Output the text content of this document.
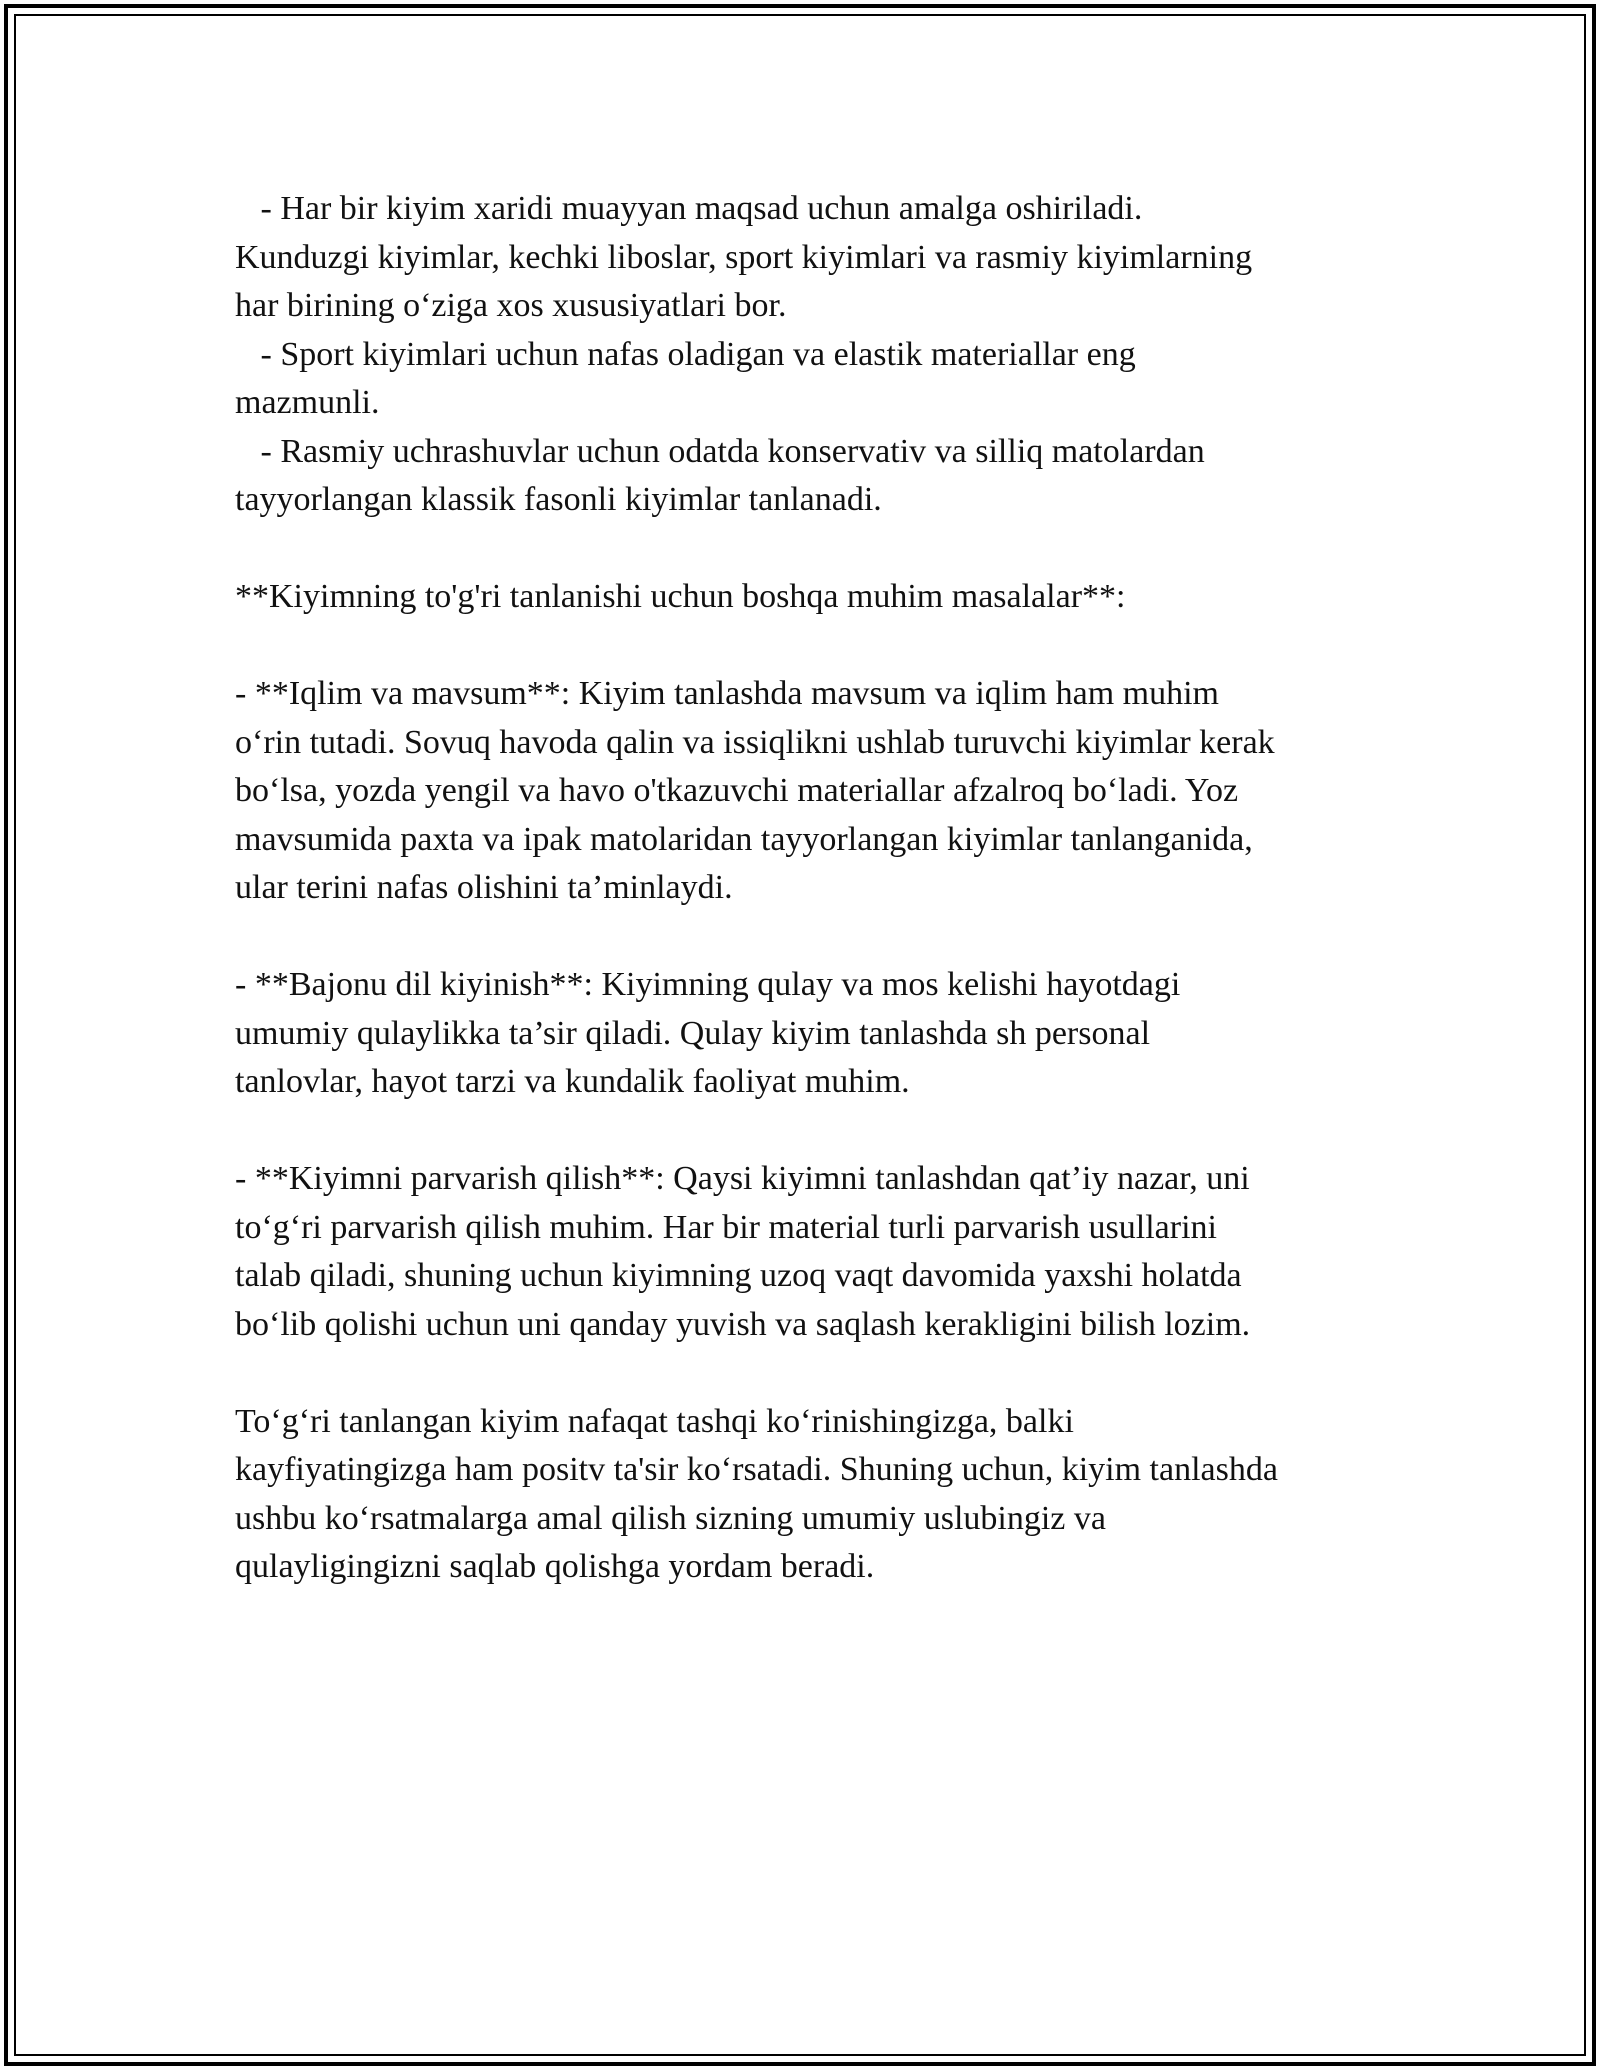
- Har bir kiyim xaridi muayyan maqsad uchun amalga oshiriladi.

Kunduzgi kiyimlar, kechki liboslar, sport kiyimlari va rasmiy kiyimlarning

har birining o‘ziga xos xususiyatlari bor.

- Sport kiyimlari uchun nafas oladigan va elastik materiallar eng

mazmunli.

- Rasmiy uchrashuvlar uchun odatda konservativ va silliq matolardan

tayyorlangan klassik fasonli kiyimlar tanlanadi.

**Kiyimning to'g'ri tanlanishi uchun boshqa muhim masalalar**:

- **Iqlim va mavsum**: Kiyim tanlashda mavsum va iqlim ham muhim

o‘rin tutadi. Sovuq havoda qalin va issiqlikni ushlab turuvchi kiyimlar kerak

bo‘lsa, yozda yengil va havo o'tkazuvchi materiallar afzalroq bo‘ladi. Yoz

mavsumida paxta va ipak matolaridan tayyorlangan kiyimlar tanlanganida,

ular terini nafas olishini ta’minlaydi.

- **Bajonu dil kiyinish**: Kiyimning qulay va mos kelishi hayotdagi

umumiy qulaylikka ta’sir qiladi. Qulay kiyim tanlashda sh personal

tanlovlar, hayot tarzi va kundalik faoliyat muhim.

- **Kiyimni parvarish qilish**: Qaysi kiyimni tanlashdan qat’iy nazar, uni

to‘g‘ri parvarish qilish muhim. Har bir material turli parvarish usullarini

talab qiladi, shuning uchun kiyimning uzoq vaqt davomida yaxshi holatda

bo‘lib qolishi uchun uni qanday yuvish va saqlash kerakligini bilish lozim.

To‘g‘ri tanlangan kiyim nafaqat tashqi ko‘rinishingizga, balki

kayfiyatingizga ham positv ta'sir ko‘rsatadi. Shuning uchun, kiyim tanlashda

ushbu ko‘rsatmalarga amal qilish sizning umumiy uslubingiz va

qulayligingizni saqlab qolishga yordam beradi.
